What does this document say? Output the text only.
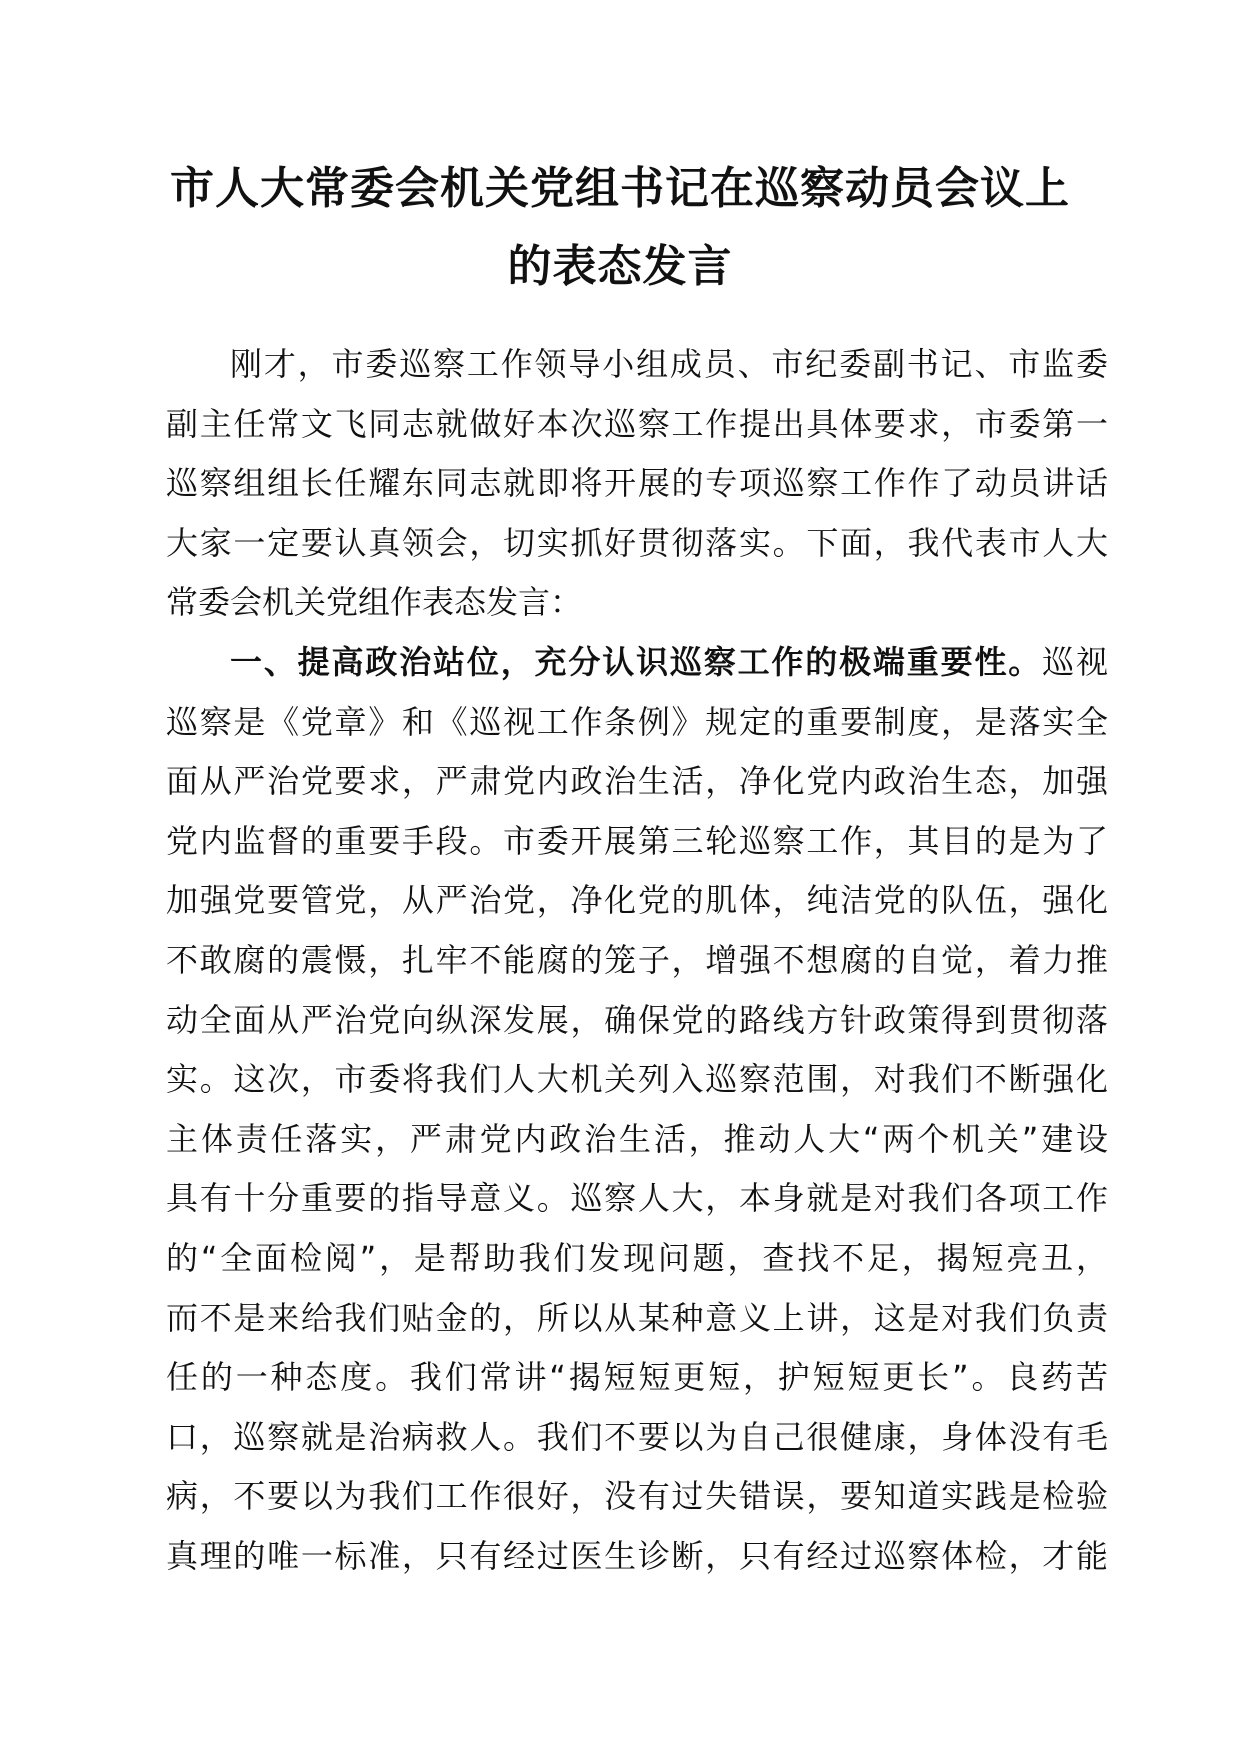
市人大常委会机关党组书记在巡察动员会议上
的表态发言
刚才，市委巡察工作领导小组成员、市纪委副书记、市监委
副主任常文飞同志就做好本次巡察工作提出具体要求，市委第一
巡察组组长任耀东同志就即将开展的专项巡察工作作了动员讲话
大家一定要认真领会，切实抓好贯彻落实。下面，我代表市人大
常委会机关党组作表态发言：
一、提高政治站位，充分认识巡察工作的极端重要性。巡视
巡察是《党章》和《巡视工作条例》规定的重要制度，是落实全
面从严治党要求，严肃党内政治生活，净化党内政治生态，加强
党内监督的重要手段。市委开展第三轮巡察工作，其目的是为了
加强党要管党，从严治党，净化党的肌体，纯洁党的队伍，强化
不敢腐的震慑，扎牢不能腐的笼子，增强不想腐的自觉，着力推
动全面从严治党向纵深发展，确保党的路线方针政策得到贯彻落
实。这次，市委将我们人大机关列入巡察范围，对我们不断强化
主体责任落实，严肃党内政治生活，推动人大“两个机关”建设
具有十分重要的指导意义。巡察人大，本身就是对我们各项工作
的“全面检阅”，是帮助我们发现问题，查找不足，揭短亮丑，
而不是来给我们贴金的，所以从某种意义上讲，这是对我们负责
任的一种态度。我们常讲“揭短短更短，护短短更长”。良药苦
口，巡察就是治病救人。我们不要以为自己很健康，身体没有毛
病，不要以为我们工作很好，没有过失错误，要知道实践是检验
真理的唯一标准，只有经过医生诊断，只有经过巡察体检，才能
